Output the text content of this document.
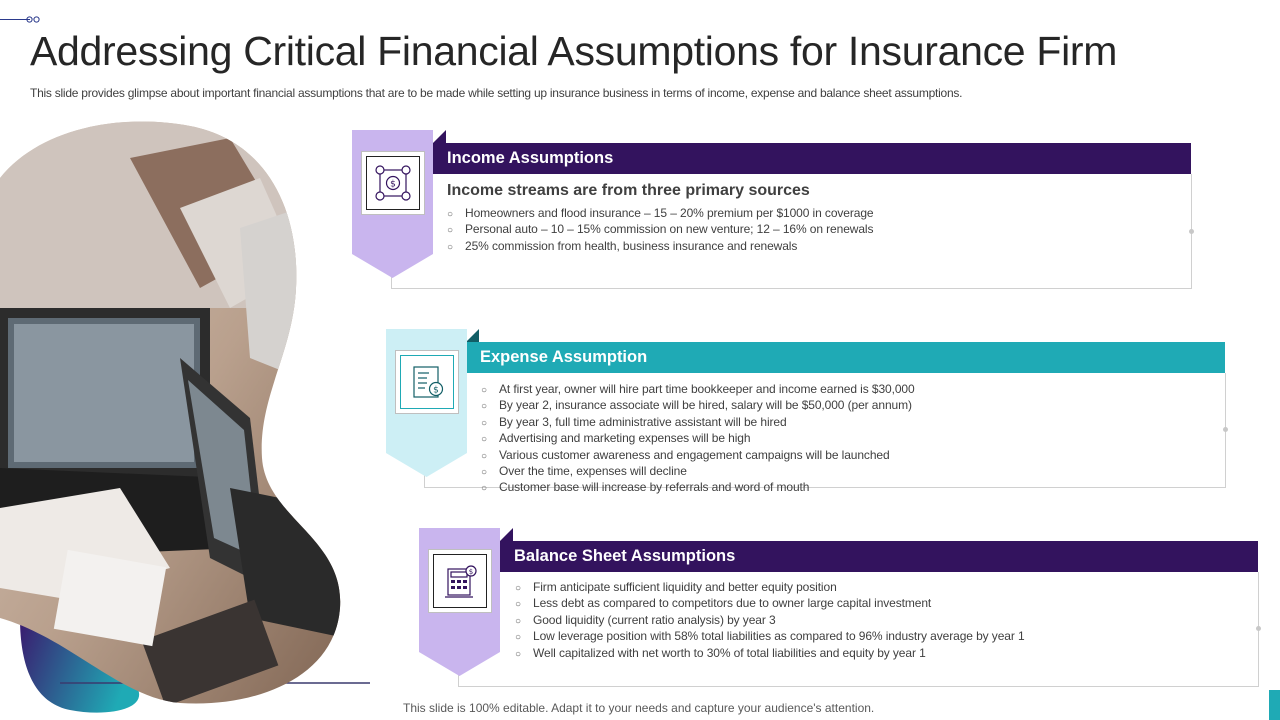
Addressing Critical Financial Assumptions for Insurance Firm

This slide provides glimpse about important financial assumptions that are to be made while setting up insurance business in terms of income, expense and balance sheet assumptions.

Income Assumptions
$	Income streams are from three primary sources
○ Homeowners and flood insurance – 15 – 20% premium per $1000 in coverage
○ Personal auto – 10 – 15% commission on new venture; 12 – 16% on renewals
○ 25% commission from health, business insurance and renewals
Expense Assumption
$	○ At first year, owner will hire part time bookkeeper and income earned is $30,000
○ By year 2, insurance associate will be hired, salary will be $50,000 (per annum)
○ By year 3, full time administrative assistant will be hired
○ Advertising and marketing expenses will be high
○ Various customer awareness and engagement campaigns will be launched
○ Over the time, expenses will decline
○ Customer base will increase by referrals and word of mouth
Balance Sheet Assumptions
$
○ Firm anticipate sufficient liquidity and better equity position
○ Less debt as compared to competitors due to owner large capital investment
○ Good liquidity (current ratio analysis) by year 3
○ Low leverage position with 58% total liabilities as compared to 96% industry average by year 1
○ Well capitalized with net worth to 30% of total liabilities and equity by year 1

This slide is 100% editable. Adapt it to your needs and capture your audience's attention.
